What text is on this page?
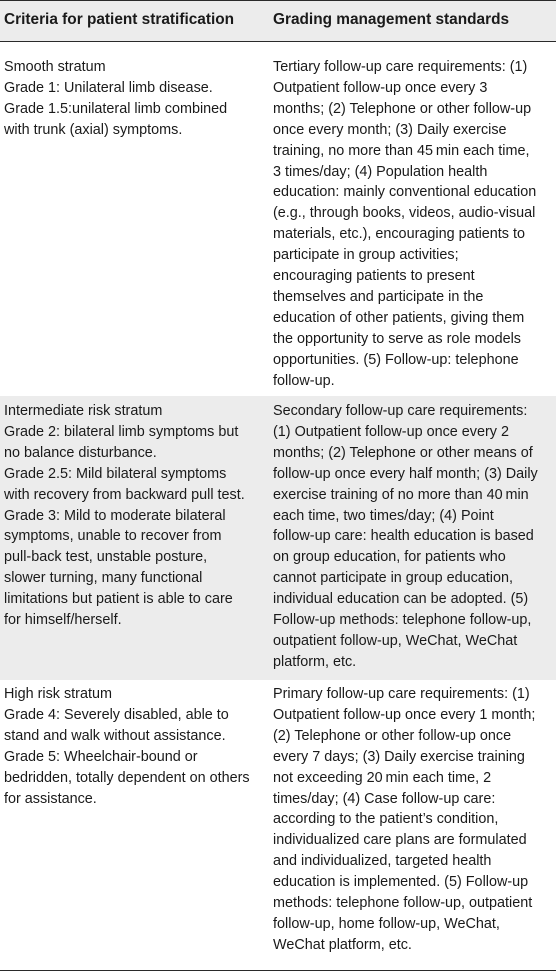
Criteria for patient stratification	Grading management standards

Smooth stratum
Grade 1: Unilateral limb disease.
Grade 1.5:unilateral limb combined
with trunk (axial) symptoms.

Tertiary follow-up care requirements: (1)
Outpatient follow-up once every 3
months; (2) Telephone or other follow-up
once every month; (3) Daily exercise
training, no more than 45 min each time,
3 times/day; (4) Population health
education: mainly conventional education
(e.g., through books, videos, audio-visual
materials, etc.), encouraging patients to
participate in group activities;
encouraging patients to present
themselves and participate in the
education of other patients, giving them
the opportunity to serve as role models
opportunities. (5) Follow-up: telephone
follow-up.

Intermediate risk stratum
Grade 2: bilateral limb symptoms but
no balance disturbance.
Grade 2.5: Mild bilateral symptoms
with recovery from backward pull test.
Grade 3: Mild to moderate bilateral
symptoms, unable to recover from
pull-back test, unstable posture,
slower turning, many functional
limitations but patient is able to care
for himself/herself.

Secondary follow-up care requirements:
(1) Outpatient follow-up once every 2
months; (2) Telephone or other means of
follow-up once every half month; (3) Daily
exercise training of no more than 40 min
each time, two times/day; (4) Point
follow-up care: health education is based
on group education, for patients who
cannot participate in group education,
individual education can be adopted. (5)
Follow-up methods: telephone follow-up,
outpatient follow-up, WeChat, WeChat
platform, etc.

High risk stratum
Grade 4: Severely disabled, able to
stand and walk without assistance.
Grade 5: Wheelchair-bound or
bedridden, totally dependent on others
for assistance.

Primary follow-up care requirements: (1)
Outpatient follow-up once every 1 month;
(2) Telephone or other follow-up once
every 7 days; (3) Daily exercise training
not exceeding 20 min each time, 2
times/day; (4) Case follow-up care:
according to the patient’s condition,
individualized care plans are formulated
and individualized, targeted health
education is implemented. (5) Follow-up
methods: telephone follow-up, outpatient
follow-up, home follow-up, WeChat,
WeChat platform, etc.
